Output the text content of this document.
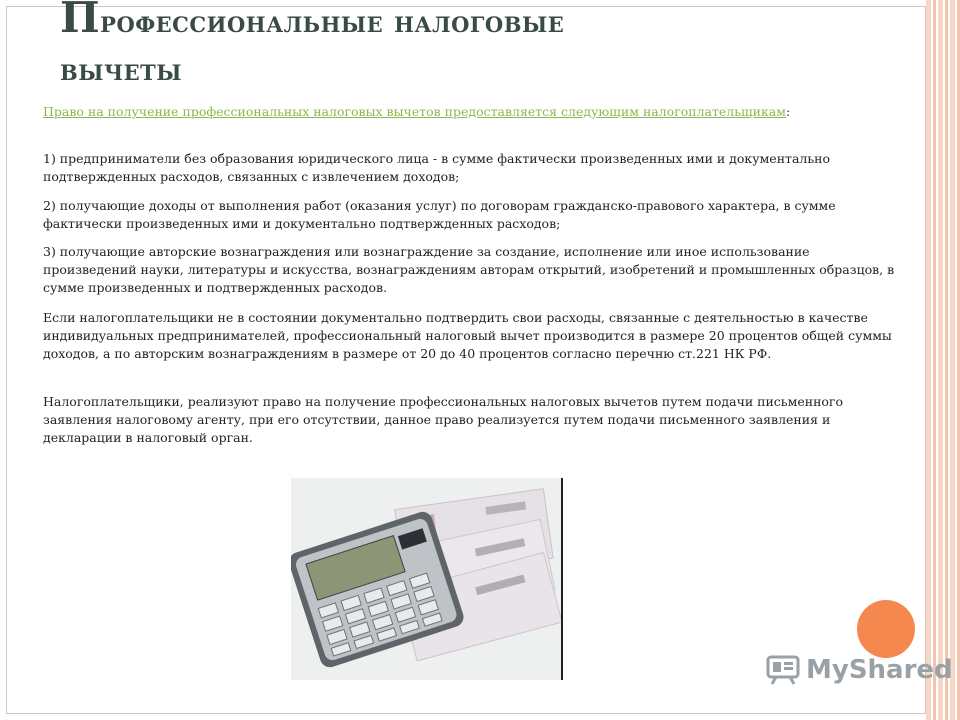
Профессиональные налоговые
вычеты
Право на получение профессиональных налоговых вычетов предоставляется следующим налогоплательщикам:

1) предприниматели без образования юридического лица - в сумме фактически произведенных ими и документально подтвержденных расходов, связанных с извлечением доходов;

2) получающие доходы от выполнения работ (оказания услуг) по договорам гражданско-правового характера, в сумме фактически произведенных ими и документально подтвержденных расходов;

3) получающие авторские вознаграждения или вознаграждение за создание, исполнение или иное использование произведений науки, литературы и искусства, вознаграждениям авторам открытий, изобретений и промышленных образцов, в сумме произведенных и подтвержденных расходов.

Если налогоплательщики не в состоянии документально подтвердить свои расходы, связанные с деятельностью в качестве индивидуальных предпринимателей, профессиональный налоговый вычет производится в размере 20 процентов общей суммы доходов, а по авторским вознаграждениям в размере от 20 до 40 процентов согласно перечню ст.221 НК РФ.

Налогоплательщики, реализуют право на получение профессиональных налоговых вычетов путем подачи письменного заявления налоговому агенту, при его отсутствии, данное право реализуется путем подачи письменного заявления и декларации в налоговый орган.

MyShared
